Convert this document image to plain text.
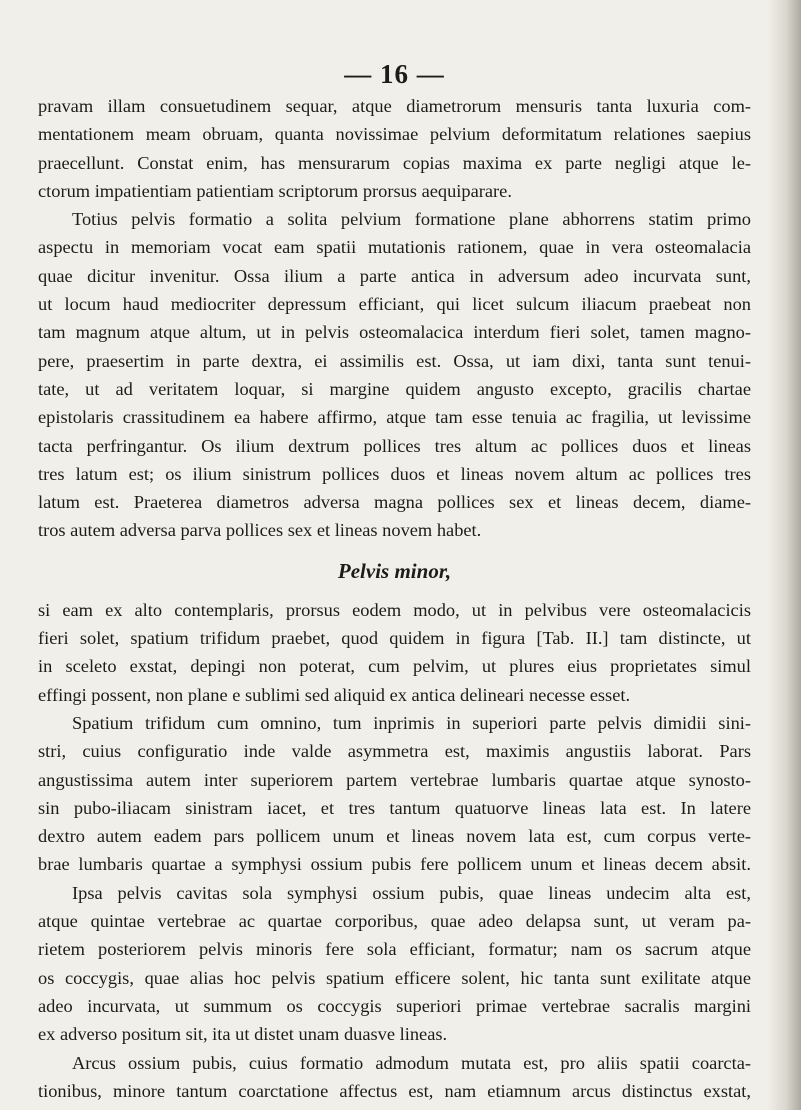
— 16 —
pravam illam consuetudinem sequar, atque diametrorum mensuris tanta luxuria com-
mentationem meam obruam, quanta novissimae pelvium deformitatum relationes saepius
praecellunt. Constat enim, has mensurarum copias maxima ex parte negligi atque le-
ctorum impatientiam patientiam scriptorum prorsus aequiparare.
Totius pelvis formatio a solita pelvium formatione plane abhorrens statim primo
aspectu in memoriam vocat eam spatii mutationis rationem, quae in vera osteomalacia
quae dicitur invenitur. Ossa ilium a parte antica in adversum adeo incurvata sunt,
ut locum haud mediocriter depressum efficiant, qui licet sulcum iliacum praebeat non
tam magnum atque altum, ut in pelvis osteomalacica interdum fieri solet, tamen magno-
pere, praesertim in parte dextra, ei assimilis est. Ossa, ut iam dixi, tanta sunt tenui-
tate, ut ad veritatem loquar, si margine quidem angusto excepto, gracilis chartae
epistolaris crassitudinem ea habere affirmo, atque tam esse tenuia ac fragilia, ut levissime
tacta perfringantur. Os ilium dextrum pollices tres altum ac pollices duos et lineas
tres latum est; os ilium sinistrum pollices duos et lineas novem altum ac pollices tres
latum est. Praeterea diametros adversa magna pollices sex et lineas decem, diame-
tros autem adversa parva pollices sex et lineas novem habet.
Pelvis minor,
si eam ex alto contemplaris, prorsus eodem modo, ut in pelvibus vere osteomalacicis
fieri solet, spatium trifidum praebet, quod quidem in figura [Tab. II.] tam distincte, ut
in sceleto exstat, depingi non poterat, cum pelvim, ut plures eius proprietates simul
effingi possent, non plane e sublimi sed aliquid ex antica delineari necesse esset.
Spatium trifidum cum omnino, tum inprimis in superiori parte pelvis dimidii sini-
stri, cuius configuratio inde valde asymmetra est, maximis angustiis laborat. Pars
angustissima autem inter superiorem partem vertebrae lumbaris quartae atque synosto-
sin pubo-iliacam sinistram iacet, et tres tantum quatuorve lineas lata est. In latere
dextro autem eadem pars pollicem unum et lineas novem lata est, cum corpus verte-
brae lumbaris quartae a symphysi ossium pubis fere pollicem unum et lineas decem absit.
Ipsa pelvis cavitas sola symphysi ossium pubis, quae lineas undecim alta est,
atque quintae vertebrae ac quartae corporibus, quae adeo delapsa sunt, ut veram pa-
rietem posteriorem pelvis minoris fere sola efficiant, formatur; nam os sacrum atque
os coccygis, quae alias hoc pelvis spatium efficere solent, hic tanta sunt exilitate atque
adeo incurvata, ut summum os coccygis superiori primae vertebrae sacralis margini
ex adverso positum sit, ita ut distet unam duasve lineas.
Arcus ossium pubis, cuius formatio admodum mutata est, pro aliis spatii coarcta-
tionibus, minore tantum coarctatione affectus est, nam etiamnum arcus distinctus exstat,
